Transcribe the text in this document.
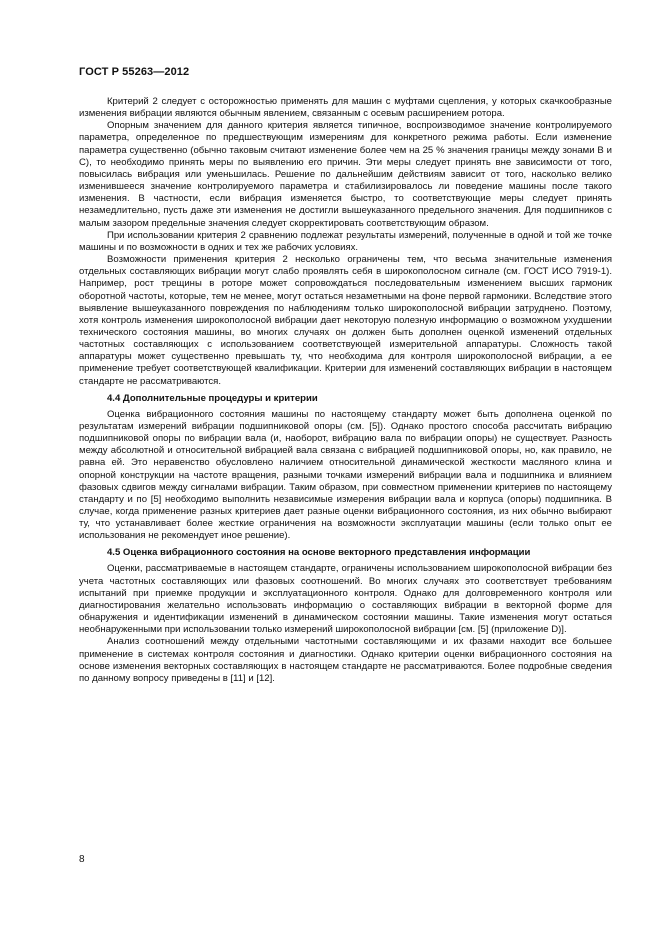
ГОСТ Р 55263—2012

Критерий 2 следует с осторожностью применять для машин с муфтами сцепления, у которых скачкообразные изменения вибрации являются обычным явлением, связанным с осевым расширением ротора.

Опорным значением для данного критерия является типичное, воспроизводимое значение контролируемого параметра, определенное по предшествующим измерениям для конкретного режима работы. Если изменение параметра существенно (обычно таковым считают изменение более чем на 25 % значения границы между зонами В и С), то необходимо принять меры по выявлению его причин. Эти меры следует принять вне зависимости от того, повысилась вибрация или уменьшилась. Решение по дальнейшим действиям зависит от того, насколько велико изменившееся значение контролируемого параметра и стабилизировалось ли поведение машины после такого изменения. В частности, если вибрация изменяется быстро, то соответствующие меры следует принять незамедлительно, пусть даже эти изменения не достигли вышеуказанного предельного значения. Для подшипников с малым зазором предельные значения следует скорректировать соответствующим образом.

При использовании критерия 2 сравнению подлежат результаты измерений, полученные в одной и той же точке машины и по возможности в одних и тех же рабочих условиях.

Возможности применения критерия 2 несколько ограничены тем, что весьма значительные изменения отдельных составляющих вибрации могут слабо проявлять себя в широкополосном сигнале (см. ГОСТ ИСО 7919-1). Например, рост трещины в роторе может сопровождаться последовательным изменением высших гармоник оборотной частоты, которые, тем не менее, могут остаться незаметными на фоне первой гармоники. Вследствие этого выявление вышеуказанного повреждения по наблюдениям только широкополосной вибрации затруднено. Поэтому, хотя контроль изменения широкополосной вибрации дает некоторую полезную информацию о возможном ухудшении технического состояния машины, во многих случаях он должен быть дополнен оценкой изменений отдельных частотных составляющих с использованием соответствующей измерительной аппаратуры. Сложность такой аппаратуры может существенно превышать ту, что необходима для контроля широкополосной вибрации, а ее применение требует соответствующей квалификации. Критерии для изменений составляющих вибрации в настоящем стандарте не рассматриваются.

4.4 Дополнительные процедуры и критерии

Оценка вибрационного состояния машины по настоящему стандарту может быть дополнена оценкой по результатам измерений вибрации подшипниковой опоры (см. [5]). Однако простого способа рассчитать вибрацию подшипниковой опоры по вибрации вала (и, наоборот, вибрацию вала по вибрации опоры) не существует. Разность между абсолютной и относительной вибрацией вала связана с вибрацией подшипниковой опоры, но, как правило, не равна ей. Это неравенство обусловлено наличием относительной динамической жесткости масляного клина и опорной конструкции на частоте вращения, разными точками измерений вибрации вала и подшипника и влиянием фазовых сдвигов между сигналами вибрации. Таким образом, при совместном применении критериев по настоящему стандарту и по [5] необходимо выполнить независимые измерения вибрации вала и корпуса (опоры) подшипника. В случае, когда применение разных критериев дает разные оценки вибрационного состояния, из них обычно выбирают ту, что устанавливает более жесткие ограничения на возможности эксплуатации машины (если только опыт ее использования не рекомендует иное решение).

4.5 Оценка вибрационного состояния на основе векторного представления информации

Оценки, рассматриваемые в настоящем стандарте, ограничены использованием широкополосной вибрации без учета частотных составляющих или фазовых соотношений. Во многих случаях это соответствует требованиям испытаний при приемке продукции и эксплуатационного контроля. Однако для долговременного контроля или диагностирования желательно использовать информацию о составляющих вибрации в векторной форме для обнаружения и идентификации изменений в динамическом состоянии машины. Такие изменения могут остаться необнаруженными при использовании только измерений широкополосной вибрации [см. [5] (приложение D)].

Анализ соотношений между отдельными частотными составляющими и их фазами находит все большее применение в системах контроля состояния и диагностики. Однако критерии оценки вибрационного состояния на основе изменения векторных составляющих в настоящем стандарте не рассматриваются. Более подробные сведения по данному вопросу приведены в [11] и [12].

8
